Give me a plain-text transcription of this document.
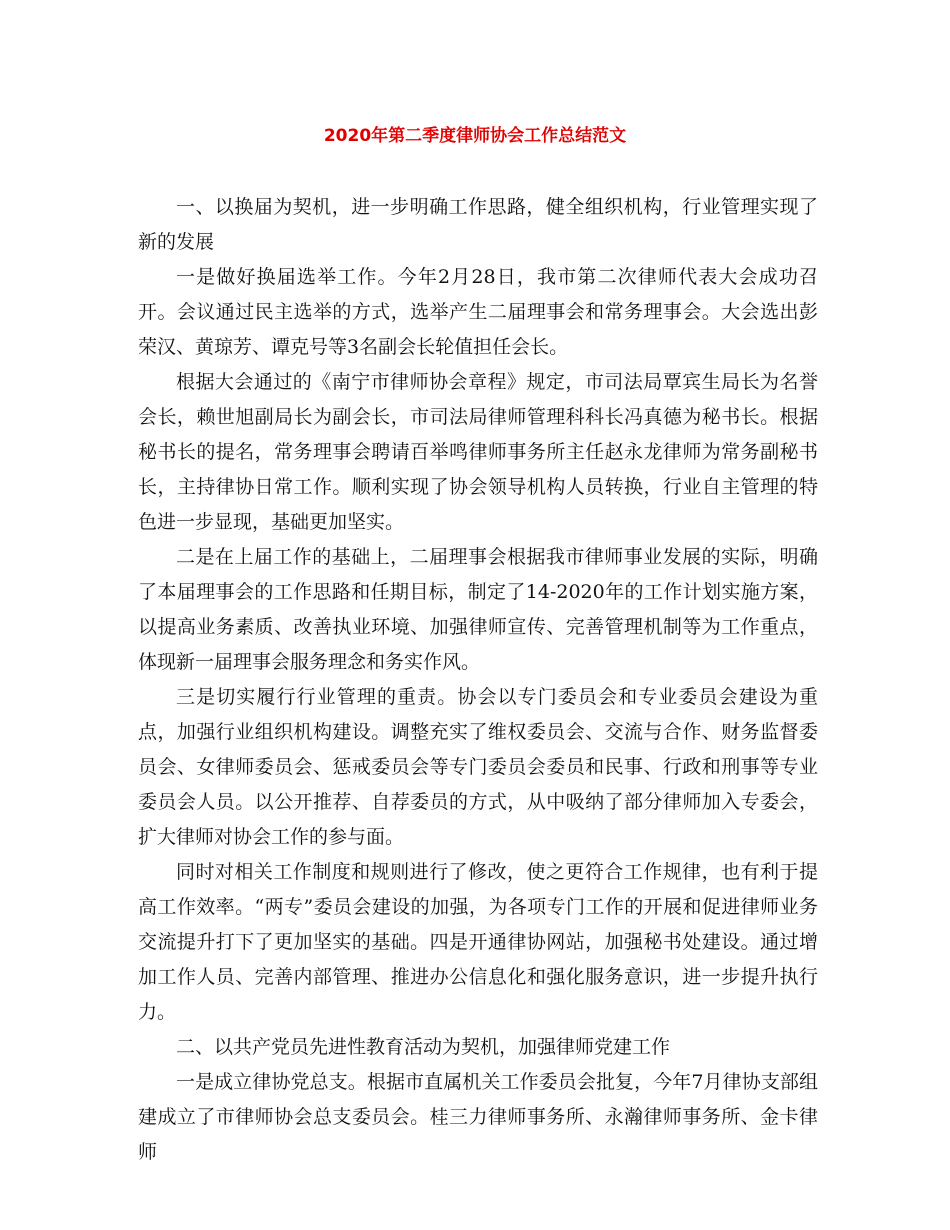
2020年第二季度律师协会工作总结范文

一、以换届为契机，进一步明确工作思路，健全组织机构，行业管理实现了新的发展

一是做好换届选举工作。今年2月28日，我市第二次律师代表大会成功召开。会议通过民主选举的方式，选举产生二届理事会和常务理事会。大会选出彭荣汉、黄琼芳、谭克号等3名副会长轮值担任会长。

根据大会通过的《南宁市律师协会章程》规定，市司法局覃宾生局长为名誉会长，赖世旭副局长为副会长，市司法局律师管理科科长冯真德为秘书长。根据秘书长的提名，常务理事会聘请百举鸣律师事务所主任赵永龙律师为常务副秘书长，主持律协日常工作。顺利实现了协会领导机构人员转换，行业自主管理的特色进一步显现，基础更加坚实。

二是在上届工作的基础上，二届理事会根据我市律师事业发展的实际，明确了本届理事会的工作思路和任期目标，制定了14-2020年的工作计划实施方案，以提高业务素质、改善执业环境、加强律师宣传、完善管理机制等为工作重点，体现新一届理事会服务理念和务实作风。

三是切实履行行业管理的重责。协会以专门委员会和专业委员会建设为重点，加强行业组织机构建设。调整充实了维权委员会、交流与合作、财务监督委员会、女律师委员会、惩戒委员会等专门委员会委员和民事、行政和刑事等专业委员会人员。以公开推荐、自荐委员的方式，从中吸纳了部分律师加入专委会，扩大律师对协会工作的参与面。

同时对相关工作制度和规则进行了修改，使之更符合工作规律，也有利于提高工作效率。“两专”委员会建设的加强，为各项专门工作的开展和促进律师业务交流提升打下了更加坚实的基础。四是开通律协网站，加强秘书处建设。通过增加工作人员、完善内部管理、推进办公信息化和强化服务意识，进一步提升执行力。

二、以共产党员先进性教育活动为契机，加强律师党建工作

一是成立律协党总支。根据市直属机关工作委员会批复，今年7月律协支部组建成立了市律师协会总支委员会。桂三力律师事务所、永瀚律师事务所、金卡律师
